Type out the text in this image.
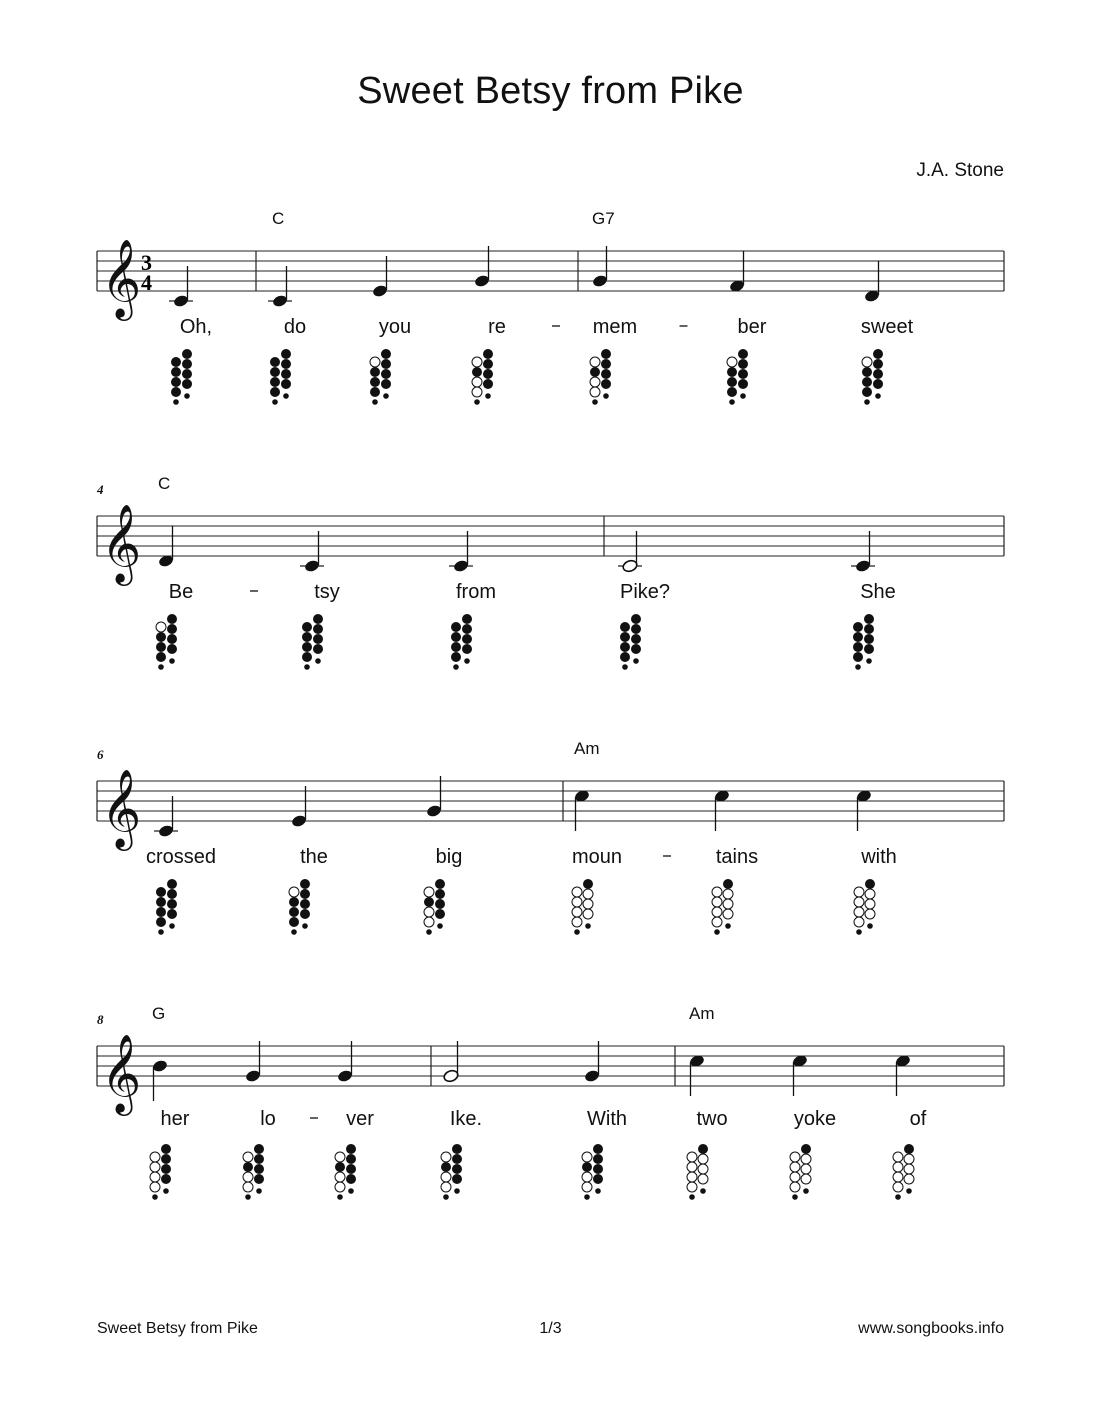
Sweet Betsy from Pike
J.A. Stone
𝄞 3
4
C	G7
Oh,	do	you	re	mem	ber	sweet
𝄞
4	C
Be	tsy	from	Pike?	She
𝄞
6	Am
crossed	the	big	moun	tains	with
𝄞
8	G	Am
her	lo	ver	Ike.	With	two	yoke	of
Sweet Betsy from Pike	1/3	www.songbooks.info
